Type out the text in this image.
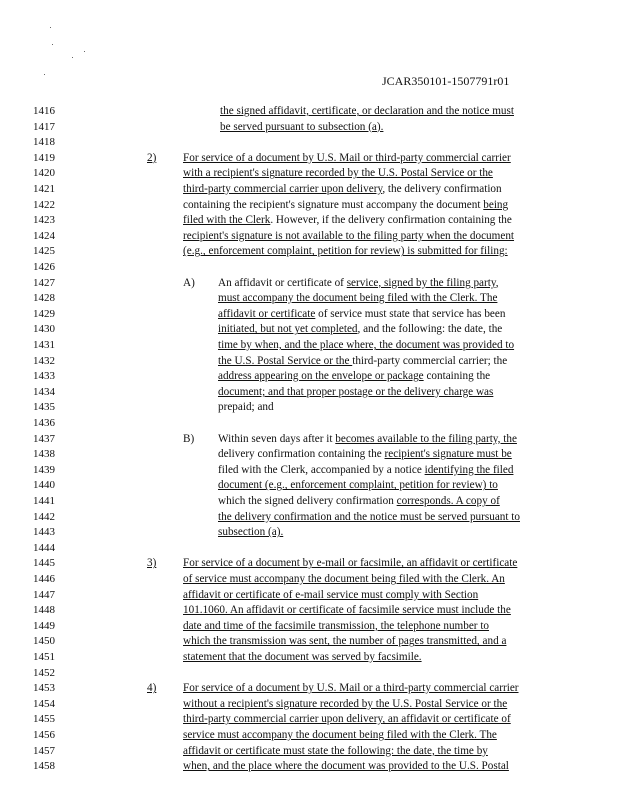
JCAR350101-1507791r01
1416	the signed affidavit, certificate, or declaration and the notice must
1417	be served pursuant to subsection (a).
1418
1419	2) For service of a document by U.S. Mail or third-party commercial carrier
1420	with a recipient's signature recorded by the U.S. Postal Service or the
1421	third-party commercial carrier upon delivery, the delivery confirmation
1422	containing the recipient's signature must accompany the document being
1423	filed with the Clerk. However, if the delivery confirmation containing the
1424	recipient's signature is not available to the filing party when the document
1425	(e.g., enforcement complaint, petition for review) is submitted for filing:
1426
1427	A) An affidavit or certificate of service, signed by the filing party,
1428	must accompany the document being filed with the Clerk. The
1429	affidavit or certificate of service must state that service has been
1430	initiated, but not yet completed, and the following: the date, the
1431	time by when, and the place where, the document was provided to
1432	the U.S. Postal Service or the third-party commercial carrier; the
1433	address appearing on the envelope or package containing the
1434	document; and that proper postage or the delivery charge was
1435	prepaid; and
1436
1437	B) Within seven days after it becomes available to the filing party, the
1438	delivery confirmation containing the recipient's signature must be
1439	filed with the Clerk, accompanied by a notice identifying the filed
1440	document (e.g., enforcement complaint, petition for review) to
1441	which the signed delivery confirmation corresponds. A copy of
1442	the delivery confirmation and the notice must be served pursuant to
1443	subsection (a).
1444
1445	3) For service of a document by e-mail or facsimile, an affidavit or certificate
1446	of service must accompany the document being filed with the Clerk. An
1447	affidavit or certificate of e-mail service must comply with Section
1448	101.1060. An affidavit or certificate of facsimile service must include the
1449	date and time of the facsimile transmission, the telephone number to
1450	which the transmission was sent, the number of pages transmitted, and a
1451	statement that the document was served by facsimile.
1452
1453	4) For service of a document by U.S. Mail or a third-party commercial carrier
1454	without a recipient's signature recorded by the U.S. Postal Service or the
1455	third-party commercial carrier upon delivery, an affidavit or certificate of
1456	service must accompany the document being filed with the Clerk. The
1457	affidavit or certificate must state the following: the date, the time by
1458	when, and the place where the document was provided to the U.S. Postal
